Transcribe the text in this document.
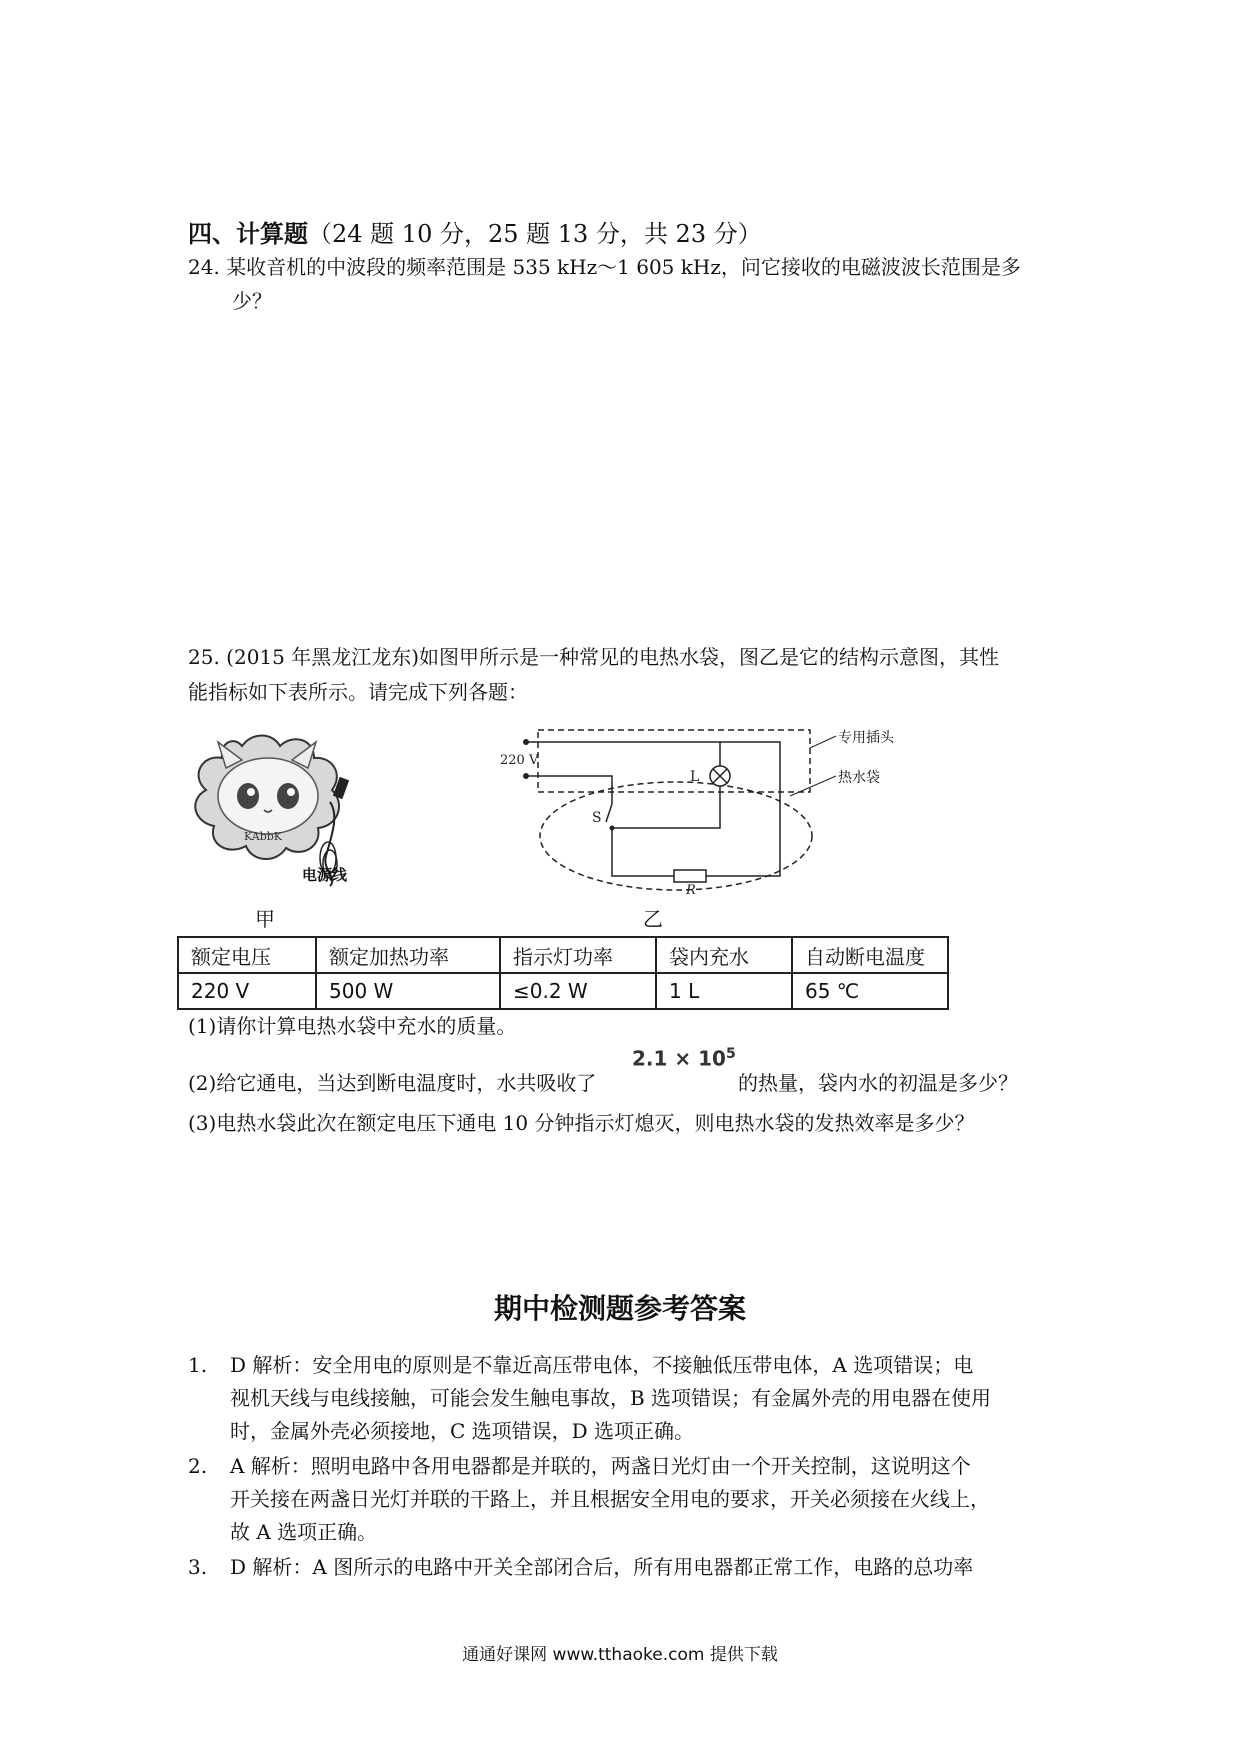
四、计算题（24 题 10 分，25 题 13 分，共 23 分）
24. 某收音机的中波段的频率范围是 535 kHz～1 605 kHz，问它接收的电磁波波长范围是多
少？
25. (2015 年黑龙江龙东)如图甲所示是一种常见的电热水袋，图乙是它的结构示意图，其性
能指标如下表所示。请完成下列各题：
KAbbK
电源线
220 V
L
S
R
专用插头
热水袋
甲	乙
额定电压	额定加热功率	指示灯功率	袋内充水	自动断电温度
220 V	500 W	≤0.2 W	1 L	65 ℃
(1)请你计算电热水袋中充水的质量。
(2)给它通电，当达到断电温度时，水共吸收了
$2.1 \times 10^5$
的热量，袋内水的初温是多少？
(3)电热水袋此次在额定电压下通电 10 分钟指示灯熄灭，则电热水袋的发热效率是多少？
期中检测题参考答案
1. D 解析：安全用电的原则是不靠近高压带电体，不接触低压带电体，A 选项错误；电
视机天线与电线接触，可能会发生触电事故，B 选项错误；有金属外壳的用电器在使用
时，金属外壳必须接地，C 选项错误，D 选项正确。
2. A 解析：照明电路中各用电器都是并联的，两盏日光灯由一个开关控制，这说明这个
开关接在两盏日光灯并联的干路上，并且根据安全用电的要求，开关必须接在火线上，
故 A 选项正确。
3. D 解析：A 图所示的电路中开关全部闭合后，所有用电器都正常工作，电路的总功率
通通好课网 www.tthaoke.com 提供下载
